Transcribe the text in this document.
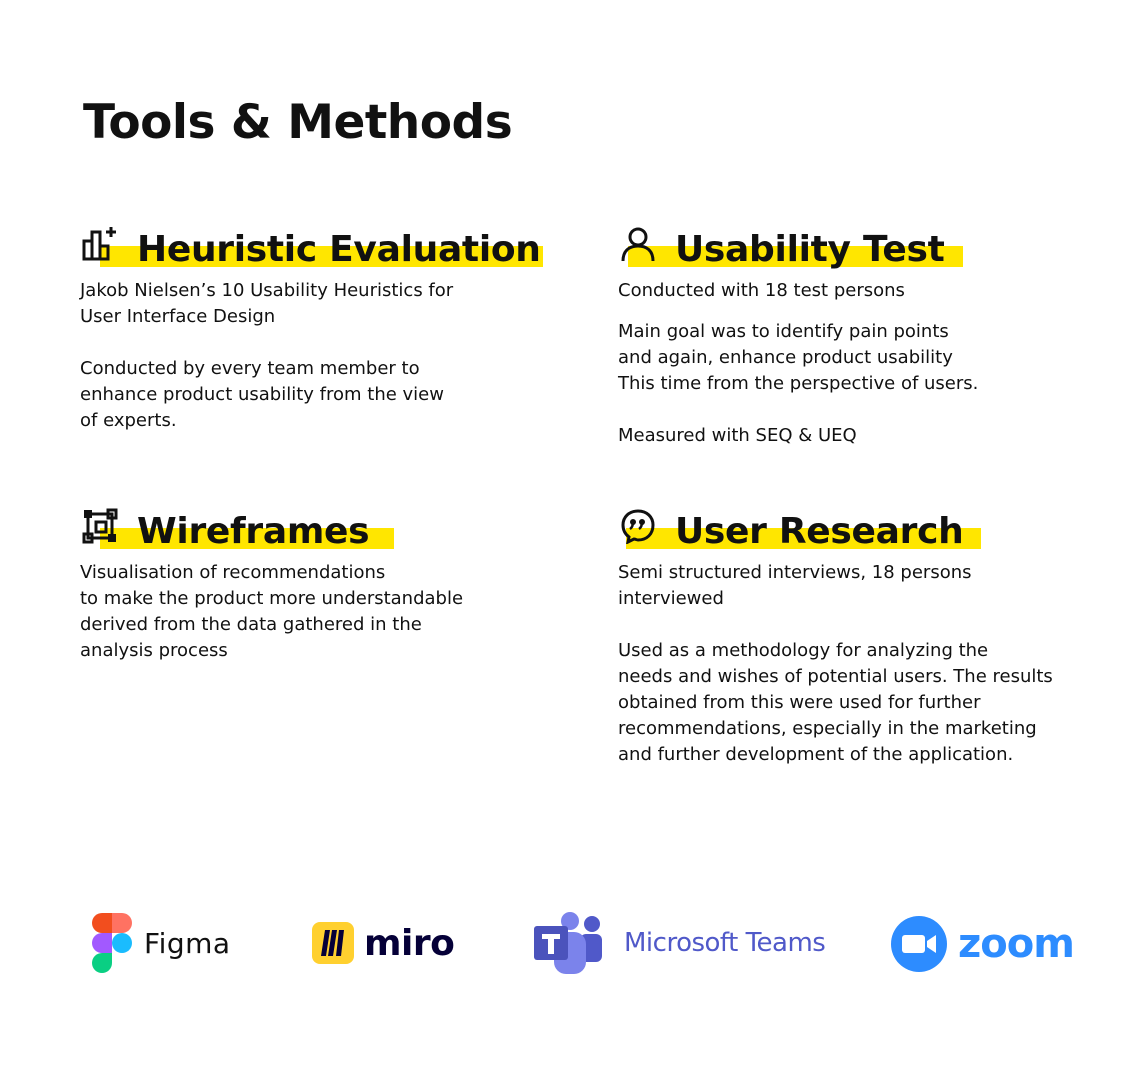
Tools & Methods
Heuristic Evaluation

Jakob Nielsen’s 10 Usability Heuristics for
User Interface Design

Conducted by every team member to
enhance product usability from the view
of experts.

Usability Test

Conducted with 18 test persons

Main goal was to identify pain points
and again, enhance product usability
This time from the perspective of users.

Measured with SEQ & UEQ

Wireframes

Visualisation of recommendations
to make the product more understandable
derived from the data gathered in the
analysis process

User Research

Semi structured interviews, 18 persons
interviewed

Used as a methodology for analyzing the
needs and wishes of potential users. The results
obtained from this were used for further
recommendations, especially in the marketing
and further development of the application.

Figma	miro	Microsoft Teams	zoom
